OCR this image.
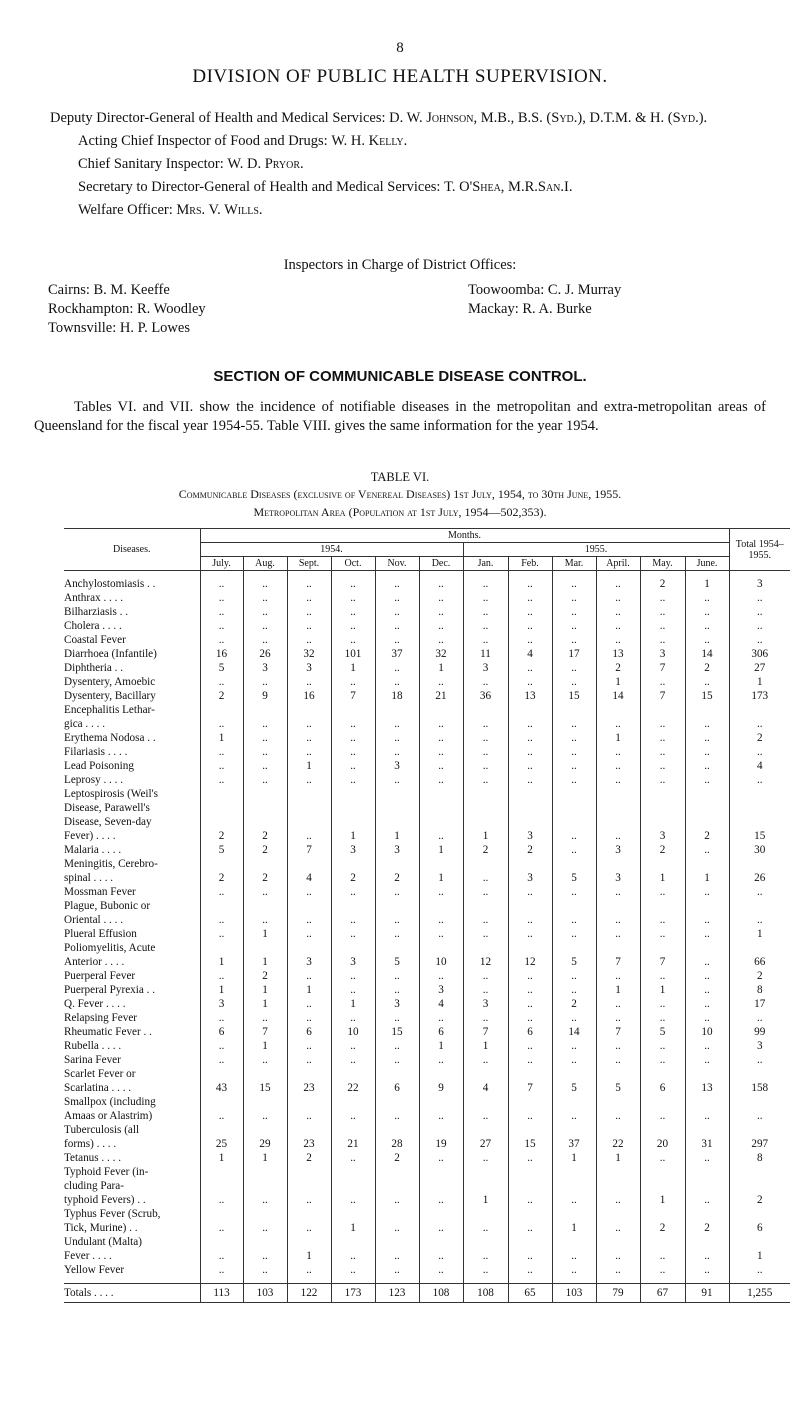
8
DIVISION OF PUBLIC HEALTH SUPERVISION.

Deputy Director-General of Health and Medical Services: D. W. Johnson, M.B., B.S. (Syd.), D.T.M. & H. (Syd.).

Acting Chief Inspector of Food and Drugs: W. H. Kelly.

Chief Sanitary Inspector: W. D. Pryor.

Secretary to Director-General of Health and Medical Services: T. O'Shea, M.R.San.I.

Welfare Officer: Mrs. V. Wills.

Inspectors in Charge of District Offices:
Cairns: B. M. Keeffe	Toowoomba: C. J. Murray
Rockhampton: R. Woodley	Mackay: R. A. Burke
Townsville: H. P. Lowes
SECTION OF COMMUNICABLE DISEASE CONTROL.

Tables VI. and VII. show the incidence of notifiable diseases in the metropolitan and extra-metropolitan areas of Queensland for the fiscal year 1954-55. Table VIII. gives the same information for the year 1954.

TABLE VI.
Communicable Diseases (exclusive of Venereal Diseases) 1st July, 1954, to 30th June, 1955.
Metropolitan Area (Population at 1st July, 1954—502,353).
Diseases.	Months.												Total 1954–1955.
	1954.						1955.						
	July.	Aug.	Sept.	Oct.	Nov.	Dec.	Jan.	Feb.	Mar.	April.	May.	June.	

Anchylostomiasis . .	..	..	..	..	..	..	..	..	..	..	2	1	3
Anthrax . . . .	..	..	..	..	..	..	..	..	..	..	..	..	..
Bilharziasis . .	..	..	..	..	..	..	..	..	..	..	..	..	..
Cholera . . . .	..	..	..	..	..	..	..	..	..	..	..	..	..
Coastal Fever	..	..	..	..	..	..	..	..	..	..	..	..	..
Diarrhoea (Infantile)	16	26	32	101	37	32	11	4	17	13	3	14	306
Diphtheria . .	5	3	3	1	..	1	3	..	..	2	7	2	27
Dysentery, Amoebic	..	..	..	..	..	..	..	..	..	1	..	..	1
Dysentery, Bacillary	2	9	16	7	18	21	36	13	15	14	7	15	173
Encephalitis Lethar-													
gica . . . .	..	..	..	..	..	..	..	..	..	..	..	..	..
Erythema Nodosa . .	1	..	..	..	..	..	..	..	..	1	..	..	2
Filariasis . . . .	..	..	..	..	..	..	..	..	..	..	..	..	..
Lead Poisoning	..	..	1	..	3	..	..	..	..	..	..	..	4
Leprosy . . . .	..	..	..	..	..	..	..	..	..	..	..	..	..
Leptospirosis (Weil's													
Disease, Parawell's													
Disease, Seven-day													
Fever) . . . .	2	2	..	1	1	..	1	3	..	..	3	2	15
Malaria . . . .	5	2	7	3	3	1	2	2	..	3	2	..	30
Meningitis, Cerebro-													
spinal . . . .	2	2	4	2	2	1	..	3	5	3	1	1	26
Mossman Fever	..	..	..	..	..	..	..	..	..	..	..	..	..
Plague, Bubonic or													
Oriental . . . .	..	..	..	..	..	..	..	..	..	..	..	..	..
Plueral Effusion	..	1	..	..	..	..	..	..	..	..	..	..	1
Poliomyelitis, Acute													
Anterior . . . .	1	1	3	3	5	10	12	12	5	7	7	..	66
Puerperal Fever	..	2	..	..	..	..	..	..	..	..	..	..	2
Puerperal Pyrexia . .	1	1	1	..	..	3	..	..	..	1	1	..	8
Q. Fever . . . .	3	1	..	1	3	4	3	..	2	..	..	..	17
Relapsing Fever	..	..	..	..	..	..	..	..	..	..	..	..	..
Rheumatic Fever . .	6	7	6	10	15	6	7	6	14	7	5	10	99
Rubella . . . .	..	1	..	..	..	1	1	..	..	..	..	..	3
Sarina Fever	..	..	..	..	..	..	..	..	..	..	..	..	..
Scarlet Fever or													
Scarlatina . . . .	43	15	23	22	6	9	4	7	5	5	6	13	158
Smallpox (including													
Amaas or Alastrim)	..	..	..	..	..	..	..	..	..	..	..	..	..
Tuberculosis (all													
forms) . . . .	25	29	23	21	28	19	27	15	37	22	20	31	297
Tetanus . . . .	1	1	2	..	2	..	..	..	1	1	..	..	8
Typhoid Fever (in-													
cluding Para-													
typhoid Fevers) . .	..	..	..	..	..	..	1	..	..	..	1	..	2
Typhus Fever (Scrub,													
Tick, Murine) . .	..	..	..	1	..	..	..	..	1	..	2	2	6
Undulant (Malta)													
Fever . . . .	..	..	1	..	..	..	..	..	..	..	..	..	1
Yellow Fever	..	..	..	..	..	..	..	..	..	..	..	..	..

Totals . . . .	113	103	122	173	123	108	108	65	103	79	67	91	1,255
